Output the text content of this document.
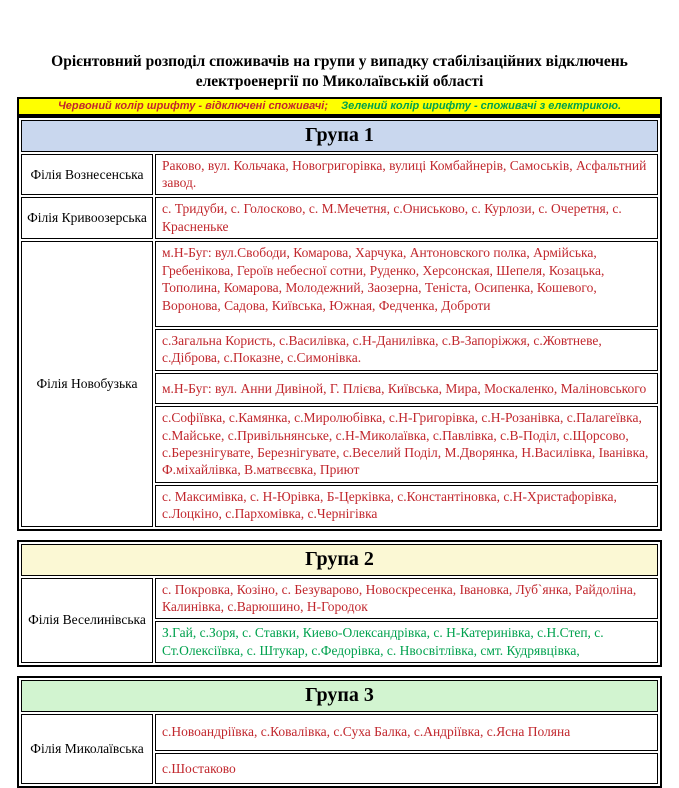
Орієнтовний розподіл споживачів на групи у випадку стабілізаційних відключень електроенергії по Миколаївській області
Червоний колір шрифту - відключені споживачі; Зелений колір шрифту - споживачі з електрикою.
Група 1	
Філія Вознесенська	Раково, вул. Кольчака, Новогригорівка, вулиці Комбайнерів, Самоськів, Асфальтний завод.
Філія Кривоозерська	с. Тридуби, с. Голосково, с. М.Мечетня, с.Ониськово, с. Курлози, с. Очеретня, с. Красненьке
Філія Новобузька	м.Н-Буг: вул.Свободи, Комарова, Харчука, Антоновского полка, Армійська, Гребенікова, Героїв небесної сотни, Руденко, Херсонская, Шепеля, Козацька, Тополина, Комарова, Молодежний, Заозерна, Теніста, Осипенка, Кошевого, Воронова, Садова, Київська, Южная, Федченка, Доброти
	с.Загальна Користь, с.Василівка, с.Н-Данилівка, с.В-Запоріжжя, с.Жовтневе, с.Діброва, с.Показне, с.Симонівка.
	м.Н-Буг: вул. Анни Дивіной, Г. Плієва, Київська, Мира, Москаленко, Маліновського
	с.Софіївка, с.Камянка, с.Миролюбівка, с.Н-Григорівка, с.Н-Розанівка, с.Палагеївка, с.Майське, с.Привільнянське, с.Н-Миколаївка, с.Павлівка, с.В-Поділ, с.Щорсово, с.Березнігувате, Березнігувате, с.Веселий Поділ, М.Дворянка, Н.Василівка, Іванівка, Ф.міхайлівка, В.матвєєвка, Приют
	с. Максимівка, с. Н-Юрівка, Б-Церківка, с.Константіновка, с.Н-Христафорівка, с.Лоцкіно, с.Пархомівка, с.Чернігівка
Група 2
Філія Веселинівська	с. Покровка, Козіно, с. Безуварово, Новоскресенка, Івановка, Луб`янка, Райдоліна, Калинівка, с.Варюшино, Н-Городок
З.Гай, с.Зоря, с. Ставки, Киево-Олександрівка, с. Н-Катеринівка, с.Н.Степ, с. Ст.Олексіївка, с. Штукар, с.Федорівка, с. Нвосвітлівка, смт. Кудрявцівка,
Група 3
Філія Миколаївська	с.Новоандріївка, с.Ковалівка, с.Суха Балка, с.Андріївка, с.Ясна Поляна
с.Шостаково
